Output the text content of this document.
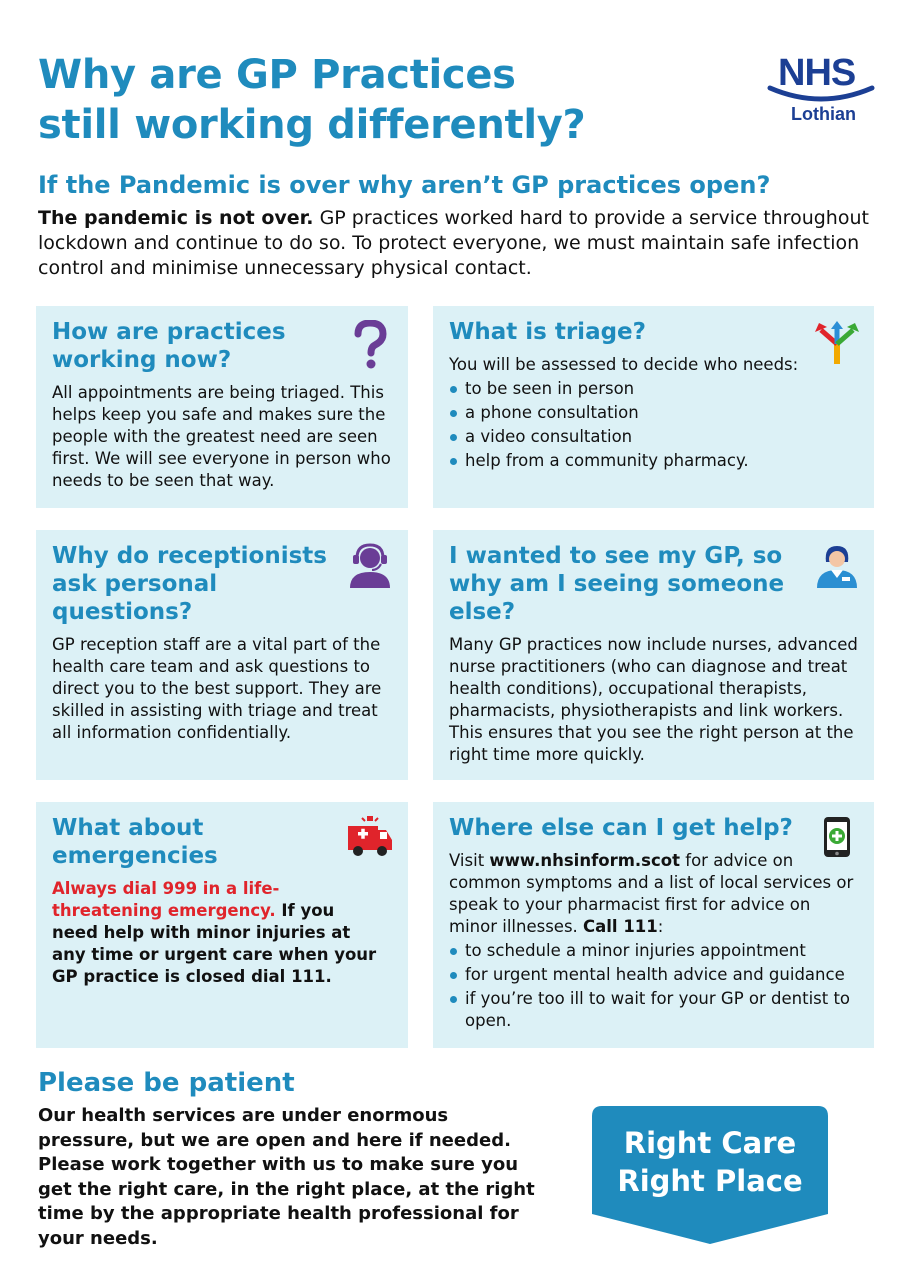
Why are GP Practices
still working differently?
NHS
Lothian
If the Pandemic is over why aren’t GP practices open?

The pandemic is not over. GP practices worked hard to provide a service throughout lockdown and continue to do so. To protect everyone, we must maintain safe infection control and minimise unnecessary physical contact.

How are practices working now?

All appointments are being triaged. This helps keep you safe and makes sure the people with the greatest need are seen first. We will see everyone in person who needs to be seen that way.

What is triage?

You will be assessed to decide who needs:

to be seen in person
a phone consultation
a video consultation
help from a community pharmacy.
Why do receptionists ask personal questions?

GP reception staff are a vital part of the health care team and ask questions to direct you to the best support. They are skilled in assisting with triage and treat all information confidentially.

I wanted to see my GP, so why am I seeing someone else?

Many GP practices now include nurses, advanced nurse practitioners (who can diagnose and treat health conditions), occupational therapists, pharmacists, physiotherapists and link workers. This ensures that you see the right person at the right time more quickly.

What about emergencies

Always dial 999 in a life-threatening emergency. If you need help with minor injuries at any time or urgent care when your GP practice is closed dial 111.

Where else can I get help?

Visit www.nhsinform.scot for advice on common symptoms and a list of local services or speak to your pharmacist first for advice on minor illnesses. Call 111:

to schedule a minor injuries appointment
for urgent mental health advice and guidance
if you’re too ill to wait for your GP or dentist to open.
Please be patient

Our health services are under enormous pressure, but we are open and here if needed. Please work together with us to make sure you get the right care, in the right place, at the right time by the appropriate health professional for your needs.

Right Care
Right Place
